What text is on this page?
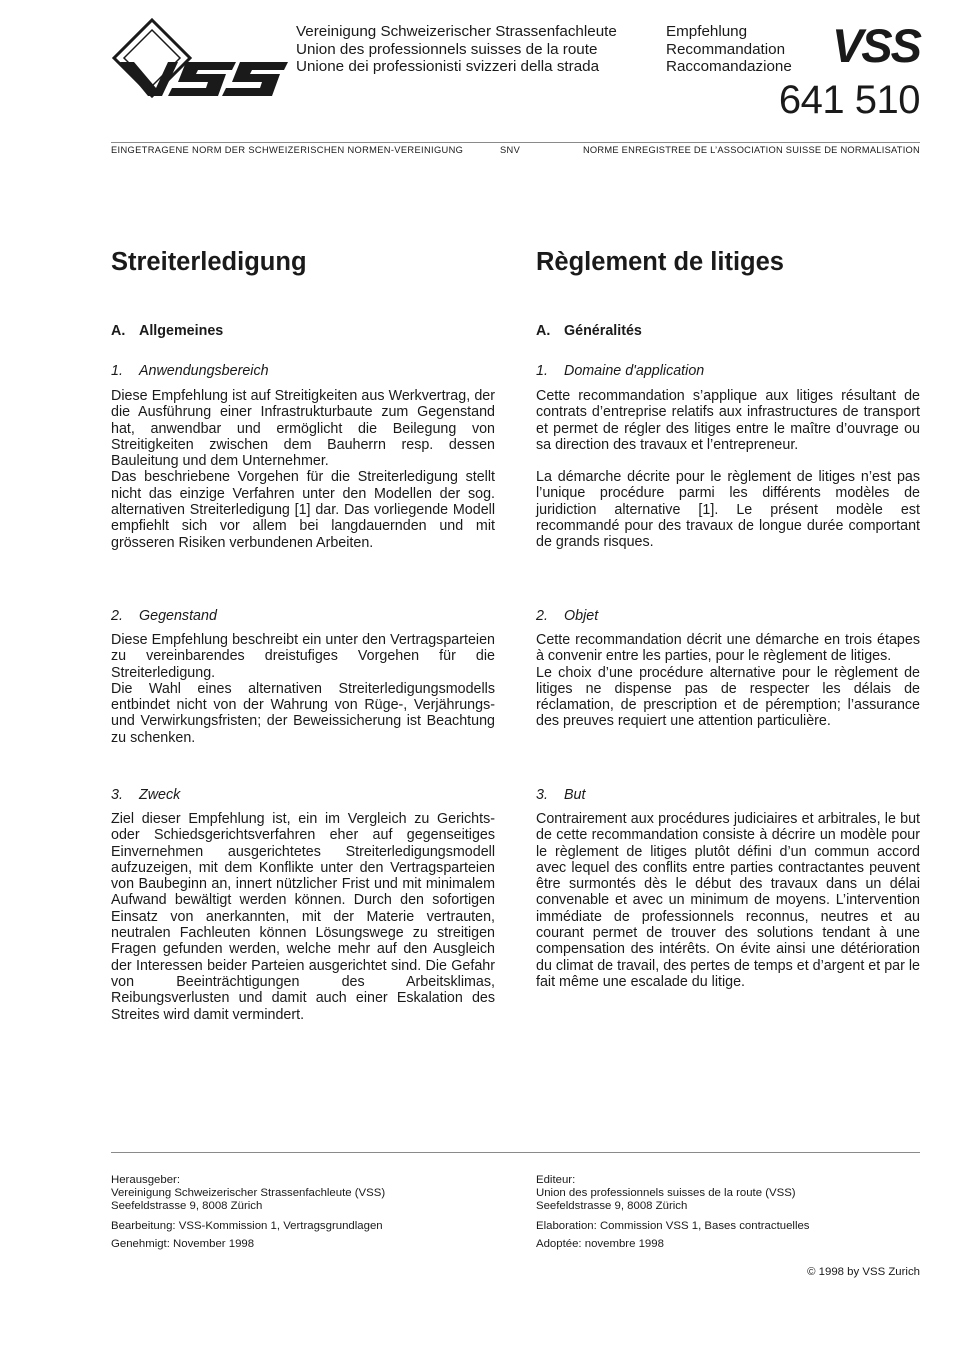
Vereinigung Schweizerischer Strassenfachleute
Union des professionnels suisses de la route
Unione dei professionisti svizzeri della strada
Empfehlung
Recommandation
Raccomandazione VSS
641 510
EINGETRAGENE NORM DER SCHWEIZERISCHEN NORMEN-VEREINIGUNG	SNV	NORME ENREGISTREE DE L’ASSOCIATION SUISSE DE NORMALISATION
Streiterledigung
A. Allgemeines
1. Anwendungsbereich

Diese Empfehlung ist auf Streitigkeiten aus Werkvertrag, der die Ausführung einer Infrastrukturbaute zum Gegenstand hat, anwendbar und ermöglicht die Beilegung von Streitigkeiten zwischen dem Bauherrn resp. dessen Bauleitung und dem Unternehmer.

Das beschriebene Vorgehen für die Streiterledigung stellt nicht das einzige Verfahren unter den Modellen der sog. alternativen Streiterledigung [1] dar. Das vorliegende Modell empfiehlt sich vor allem bei langdauernden und mit grösseren Risiken verbundenen Arbeiten.

2. Gegenstand

Diese Empfehlung beschreibt ein unter den Vertragsparteien zu vereinbarendes dreistufiges Vorgehen für die Streiterledigung.

Die Wahl eines alternativen Streiterledigungsmodells entbindet nicht von der Wahrung von Rüge-, Verjährungs- und Verwirkungsfristen; der Beweissicherung ist Beachtung zu schenken.

3. Zweck

Ziel dieser Empfehlung ist, ein im Vergleich zu Gerichts- oder Schiedsgerichtsverfahren eher auf gegenseitiges Einvernehmen ausgerichtetes Streiterledigungsmodell aufzuzeigen, mit dem Konflikte unter den Vertragsparteien von Baubeginn an, innert nützlicher Frist und mit minimalem Aufwand bewältigt werden können. Durch den sofortigen Einsatz von anerkannten, mit der Materie vertrauten, neutralen Fachleuten können Lösungswege zu streitigen Fragen gefunden werden, welche mehr auf den Ausgleich der Interessen beider Parteien ausgerichtet sind. Die Gefahr von Beeinträchtigungen des Arbeitsklimas, Reibungsverlusten und damit auch einer Eskalation des Streites wird damit vermindert.

Règlement de litiges
A. Généralités
1. Domaine d'application

Cette recommandation s’applique aux litiges résultant de contrats d’entreprise relatifs aux infrastructures de transport et permet de régler des litiges entre le maître d’ouvrage ou sa direction des travaux et l’entrepreneur.

La démarche décrite pour le règlement de litiges n’est pas l’unique procédure parmi les différents modèles de juridiction alternative [1]. Le présent modèle est recommandé pour des travaux de longue durée comportant de grands risques.

2. Objet

Cette recommandation décrit une démarche en trois étapes à convenir entre les parties, pour le règlement de litiges.

Le choix d’une procédure alternative pour le règlement de litiges ne dispense pas de respecter les délais de réclamation, de prescription et de péremption; l’assurance des preuves requiert une attention particulière.

3. But

Contrairement aux procédures judiciaires et arbitrales, le but de cette recommandation consiste à décrire un modèle pour le règlement de litiges plutôt défini d’un commun accord avec lequel des conflits entre parties contractantes peuvent être surmontés dès le début des travaux dans un délai convenable et avec un minimum de moyens. L’intervention immédiate de professionnels reconnus, neutres et au courant permet de trouver des solutions tendant à une compensation des intérêts. On évite ainsi une détérioration du climat de travail, des pertes de temps et d’argent et par le fait même une escalade du litige.

Herausgeber:
Vereinigung Schweizerischer Strassenfachleute (VSS)
Seefeldstrasse 9, 8008 Zürich
Bearbeitung: VSS-Kommission 1, Vertragsgrundlagen
Genehmigt: November 1998
Editeur:
Union des professionnels suisses de la route (VSS)
Seefeldstrasse 9, 8008 Zürich
Elaboration: Commission VSS 1, Bases contractuelles
Adoptée: novembre 1998
© 1998 by VSS Zurich
